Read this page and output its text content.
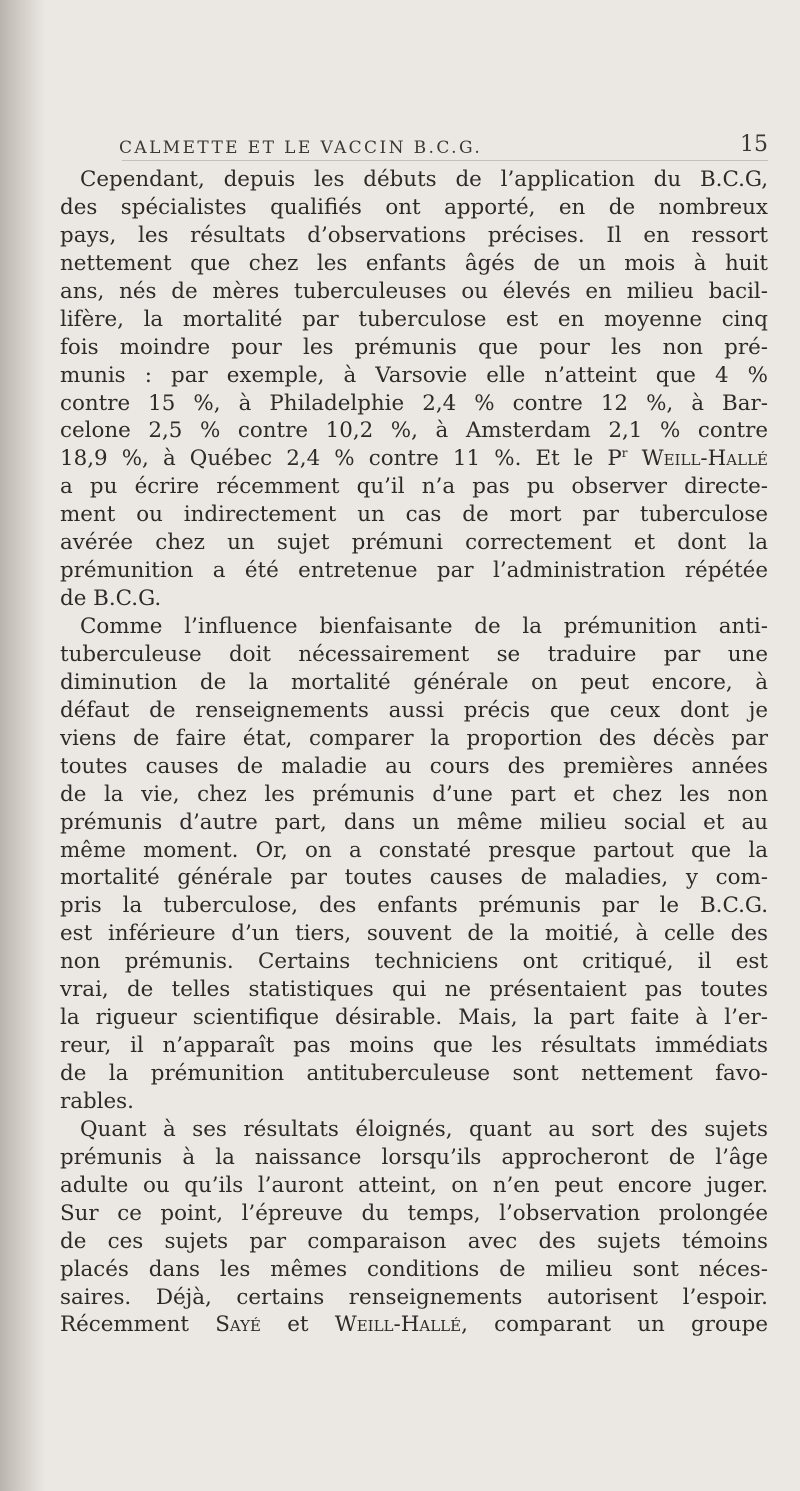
CALMETTE ET LE VACCIN B.C.G.	15

Cependant, depuis les débuts de l’application du B.C.G,
des spécialistes qualifiés ont apporté, en de nombreux
pays, les résultats d’observations précises. Il en ressort
nettement que chez les enfants âgés de un mois à huit
ans, nés de mères tuberculeuses ou élevés en milieu bacil-
lifère, la mortalité par tuberculose est en moyenne cinq
fois moindre pour les prémunis que pour les non pré-
munis : par exemple, à Varsovie elle n’atteint que 4 %
contre 15 %, à Philadelphie 2,4 % contre 12 %, à Bar-
celone 2,5 % contre 10,2 %, à Amsterdam 2,1 % contre
18,9 %, à Québec 2,4 % contre 11 %. Et le $P^r$ Weill-Hallé
a pu écrire récemment qu’il n’a pas pu observer directe-
ment ou indirectement un cas de mort par tuberculose
avérée chez un sujet prémuni correctement et dont la
prémunition a été entretenue par l’administration répétée
de B.C.G.

Comme l’influence bienfaisante de la prémunition anti-
tuberculeuse doit nécessairement se traduire par une
diminution de la mortalité générale on peut encore, à
défaut de renseignements aussi précis que ceux dont je
viens de faire état, comparer la proportion des décès par
toutes causes de maladie au cours des premières années
de la vie, chez les prémunis d’une part et chez les non
prémunis d’autre part, dans un même milieu social et au
même moment. Or, on a constaté presque partout que la
mortalité générale par toutes causes de maladies, y com-
pris la tuberculose, des enfants prémunis par le B.C.G.
est inférieure d’un tiers, souvent de la moitié, à celle des
non prémunis. Certains techniciens ont critiqué, il est
vrai, de telles statistiques qui ne présentaient pas toutes
la rigueur scientifique désirable. Mais, la part faite à l’er-
reur, il n’apparaît pas moins que les résultats immédiats
de la prémunition antituberculeuse sont nettement favo-
rables.

Quant à ses résultats éloignés, quant au sort des sujets
prémunis à la naissance lorsqu’ils approcheront de l’âge
adulte ou qu’ils l’auront atteint, on n’en peut encore juger.
Sur ce point, l’épreuve du temps, l’observation prolongée
de ces sujets par comparaison avec des sujets témoins
placés dans les mêmes conditions de milieu sont néces-
saires. Déjà, certains renseignements autorisent l’espoir.
Récemment Sayé et Weill-Hallé, comparant un groupe
